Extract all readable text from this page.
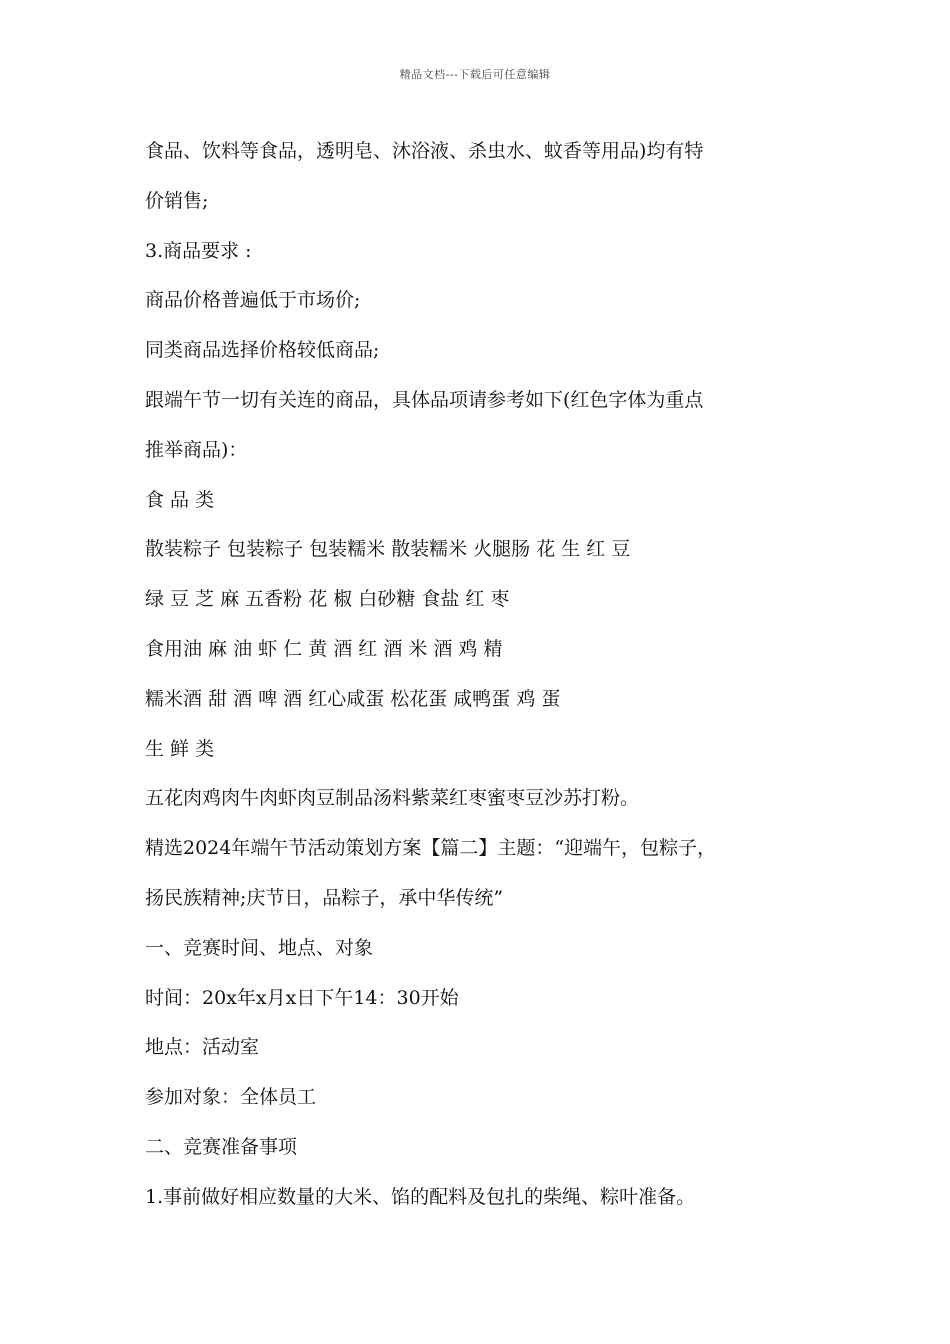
精品文档---下载后可任意编辑
食品、饮料等食品，透明皂、沐浴液、杀虫水、蚊香等用品)均有特
价销售;
3.商品要求 :
商品价格普遍低于市场价;
同类商品选择价格较低商品;
跟端午节一切有关连的商品，具体品项请参考如下(红色字体为重点
推举商品)：
食 品 类
散装粽子 包装粽子 包装糯米 散装糯米 火腿肠 花 生 红 豆
绿 豆 芝 麻 五香粉 花 椒 白砂糖 食盐 红 枣
食用油 麻 油 虾 仁 黄 酒 红 酒 米 酒 鸡 精
糯米酒 甜 酒 啤 酒 红心咸蛋 松花蛋 咸鸭蛋 鸡 蛋
生 鲜 类
五花肉鸡肉牛肉虾肉豆制品汤料紫菜红枣蜜枣豆沙苏打粉。
精选2024年端午节活动策划方案【篇二】主题：“迎端午，包粽子，
扬民族精神;庆节日，品粽子，承中华传统”
一、竞赛时间、地点、对象
时间：20x年x月x日下午14：30开始
地点：活动室
参加对象：全体员工
二、竞赛准备事项
1.事前做好相应数量的大米、馅的配料及包扎的柴绳、粽叶准备。
